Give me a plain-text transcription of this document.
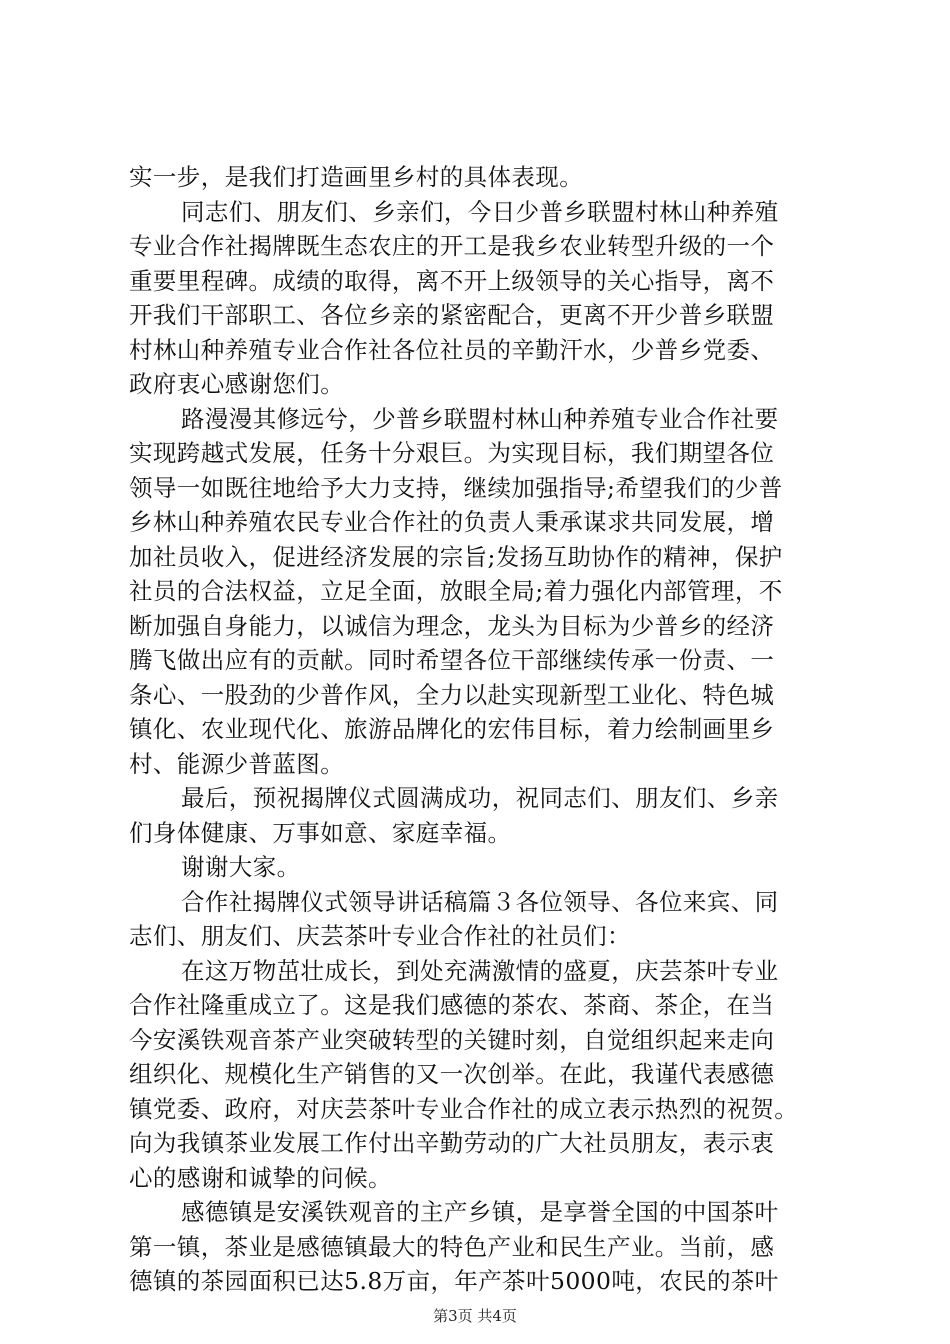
实一步，是我们打造画里乡村的具体表现。
同志们、朋友们、乡亲们，今日少普乡联盟村林山种养殖
专业合作社揭牌既生态农庄的开工是我乡农业转型升级的一个
重要里程碑。成绩的取得，离不开上级领导的关心指导，离不
开我们干部职工、各位乡亲的紧密配合，更离不开少普乡联盟
村林山种养殖专业合作社各位社员的辛勤汗水，少普乡党委、
政府衷心感谢您们。
路漫漫其修远兮，少普乡联盟村林山种养殖专业合作社要
实现跨越式发展，任务十分艰巨。为实现目标，我们期望各位
领导一如既往地给予大力支持，继续加强指导;希望我们的少普
乡林山种养殖农民专业合作社的负责人秉承谋求共同发展，增
加社员收入，促进经济发展的宗旨;发扬互助协作的精神，保护
社员的合法权益，立足全面，放眼全局;着力强化内部管理，不
断加强自身能力，以诚信为理念，龙头为目标为少普乡的经济
腾飞做出应有的贡献。同时希望各位干部继续传承一份责、一
条心、一股劲的少普作风，全力以赴实现新型工业化、特色城
镇化、农业现代化、旅游品牌化的宏伟目标，着力绘制画里乡
村、能源少普蓝图。
最后，预祝揭牌仪式圆满成功，祝同志们、朋友们、乡亲
们身体健康、万事如意、家庭幸福。
谢谢大家。
合作社揭牌仪式领导讲话稿篇３各位领导、各位来宾、同
志们、朋友们、庆芸茶叶专业合作社的社员们：
在这万物茁壮成长，到处充满激情的盛夏，庆芸茶叶专业
合作社隆重成立了。这是我们感德的茶农、茶商、茶企，在当
今安溪铁观音茶产业突破转型的关键时刻，自觉组织起来走向
组织化、规模化生产销售的又一次创举。在此，我谨代表感德
镇党委、政府，对庆芸茶叶专业合作社的成立表示热烈的祝贺。
向为我镇茶业发展工作付出辛勤劳动的广大社员朋友，表示衷
心的感谢和诚挚的问候。
感德镇是安溪铁观音的主产乡镇，是享誉全国的中国茶叶
第一镇，茶业是感德镇最大的特色产业和民生产业。当前，感
德镇的茶园面积已达5.8万亩，年产茶叶5000吨，农民的茶叶
第3页 共4页
